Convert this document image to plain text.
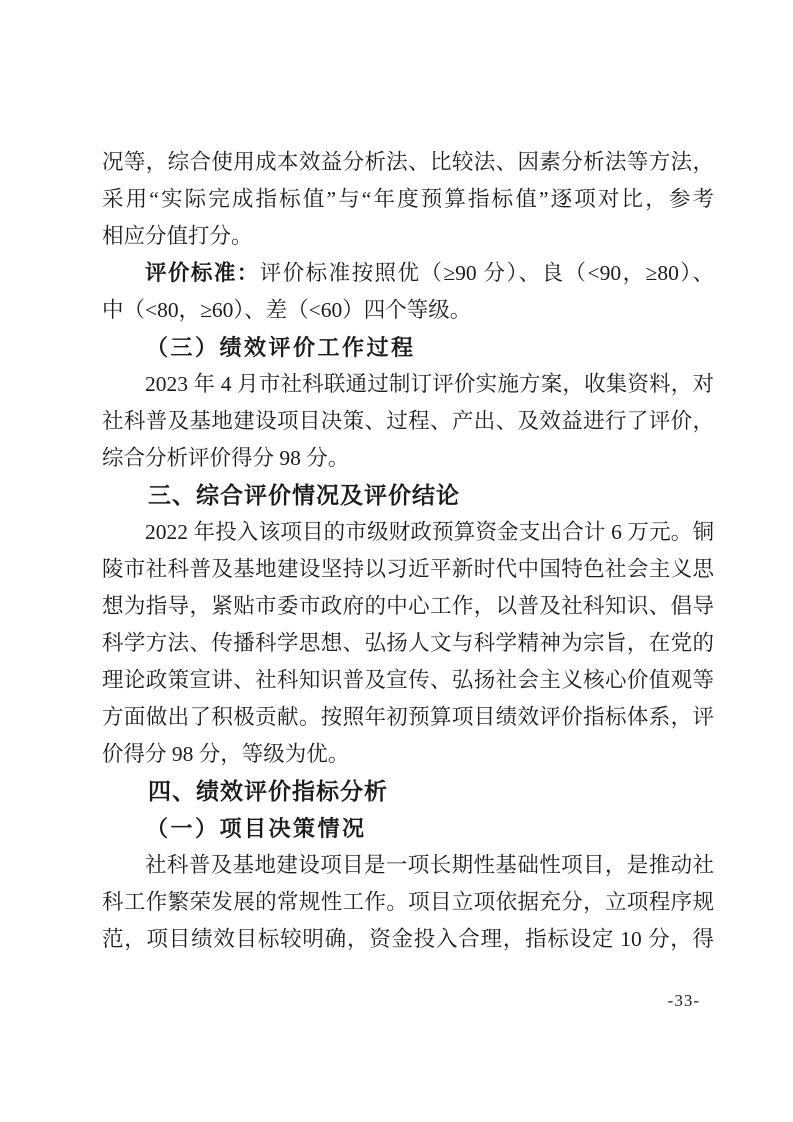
况等，综合使用成本效益分析法、比较法、因素分析法等方法，
采用“实际完成指标值”与“年度预算指标值”逐项对比，参考
相应分值打分。
评价标准：评价标准按照优（≥90 分）、良（<90，≥80）、
中（<80，≥60）、差（<60）四个等级。
（三）绩效评价工作过程
2023 年 4 月市社科联通过制订评价实施方案，收集资料，对
社科普及基地建设项目决策、过程、产出、及效益进行了评价，
综合分析评价得分 98 分。
三、综合评价情况及评价结论
2022 年投入该项目的市级财政预算资金支出合计 6 万元。铜
陵市社科普及基地建设坚持以习近平新时代中国特色社会主义思
想为指导，紧贴市委市政府的中心工作，以普及社科知识、倡导
科学方法、传播科学思想、弘扬人文与科学精神为宗旨，在党的
理论政策宣讲、社科知识普及宣传、弘扬社会主义核心价值观等
方面做出了积极贡献。按照年初预算项目绩效评价指标体系，评
价得分 98 分，等级为优。
四、绩效评价指标分析
（一）项目决策情况
社科普及基地建设项目是一项长期性基础性项目，是推动社
科工作繁荣发展的常规性工作。项目立项依据充分，立项程序规
范，项目绩效目标较明确，资金投入合理，指标设定 10 分，得
-33-
